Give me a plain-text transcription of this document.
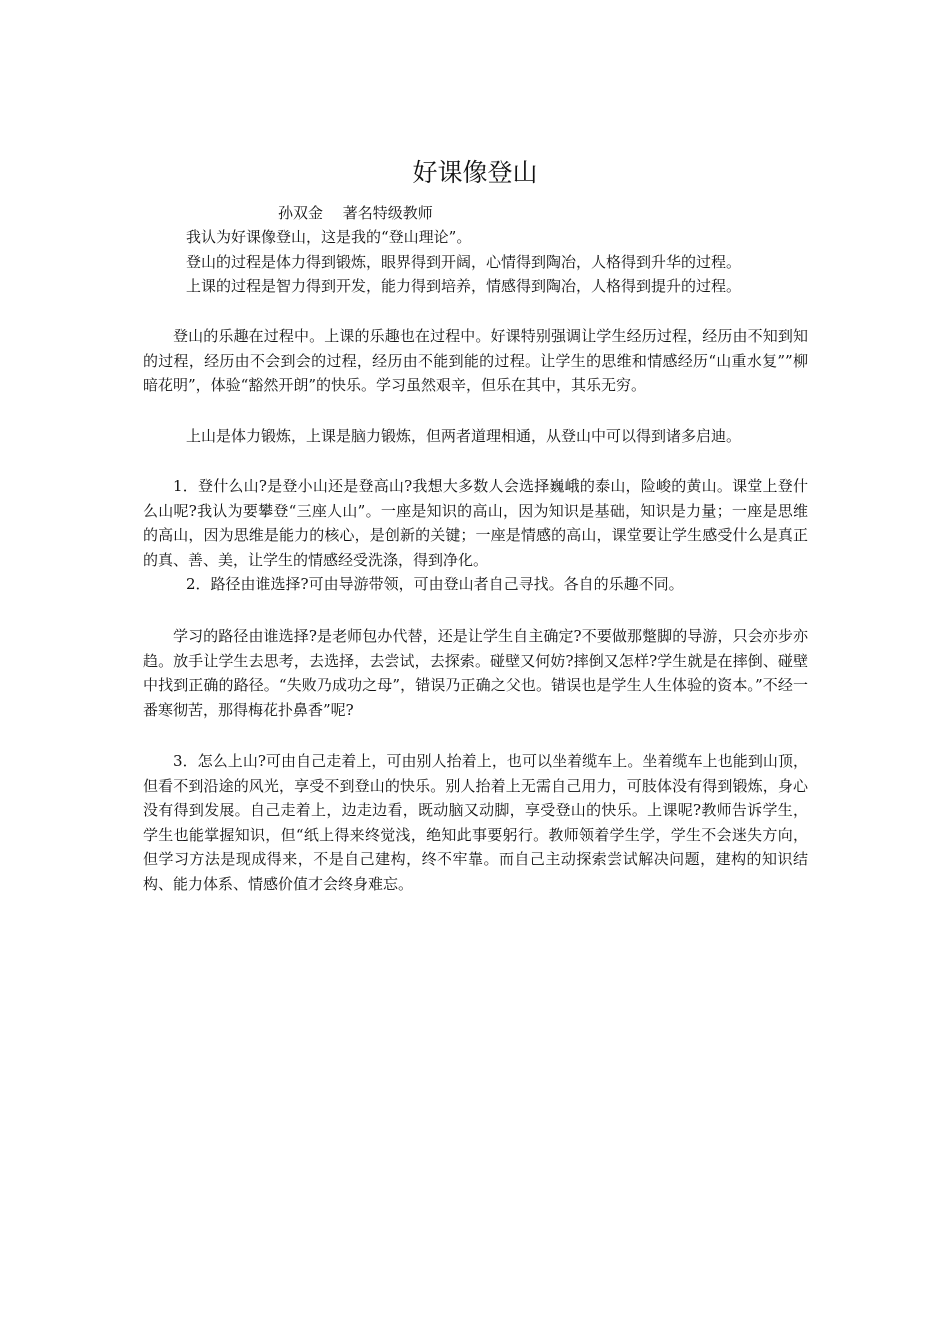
好课像登山
孙双金　 著名特级教师

我认为好课像登山，这是我的“登山理论”。

登山的过程是体力得到锻炼，眼界得到开阔，心情得到陶冶，人格得到升华的过程。

上课的过程是智力得到开发，能力得到培养，情感得到陶冶，人格得到提升的过程。

登山的乐趣在过程中。上课的乐趣也在过程中。好课特别强调让学生经历过程，经历由不知到知的过程，经历由不会到会的过程，经历由不能到能的过程。让学生的思维和情感经历“山重水复””柳暗花明”，体验“豁然开朗”的快乐。学习虽然艰辛，但乐在其中，其乐无穷。

上山是体力锻炼，上课是脑力锻炼，但两者道理相通，从登山中可以得到诸多启迪。

1．登什么山?是登小山还是登高山?我想大多数人会选择巍峨的泰山，险峻的黄山。课堂上登什么山呢?我认为要攀登“三座人山”。一座是知识的高山，因为知识是基础，知识是力量；一座是思维的高山，因为思维是能力的核心，是创新的关键；一座是情感的高山，课堂要让学生感受什么是真正的真、善、美，让学生的情感经受洗涤，得到净化。

2．路径由谁选择?可由导游带领，可由登山者自己寻找。各自的乐趣不同。

学习的路径由谁选择?是老师包办代替，还是让学生自主确定?不要做那蹩脚的导游，只会亦步亦趋。放手让学生去思考，去选择，去尝试，去探索。碰壁又何妨?摔倒又怎样?学生就是在摔倒、碰壁中找到正确的路径。“失败乃成功之母”，错误乃正确之父也。错误也是学生人生体验的资本。”不经一番寒彻苦，那得梅花扑鼻香”呢?

3．怎么上山?可由自己走着上，可由别人抬着上，也可以坐着缆车上。坐着缆车上也能到山顶，但看不到沿途的风光，享受不到登山的快乐。别人抬着上无需自己用力，可肢体没有得到锻炼，身心没有得到发展。自己走着上，边走边看，既动脑又动脚，享受登山的快乐。上课呢?教师告诉学生，学生也能掌握知识，但“纸上得来终觉浅，绝知此事要躬行。教师领着学生学，学生不会迷失方向，但学习方法是现成得来，不是自己建构，终不牢靠。而自己主动探索尝试解决问题，建构的知识结构、能力体系、情感价值才会终身难忘。
